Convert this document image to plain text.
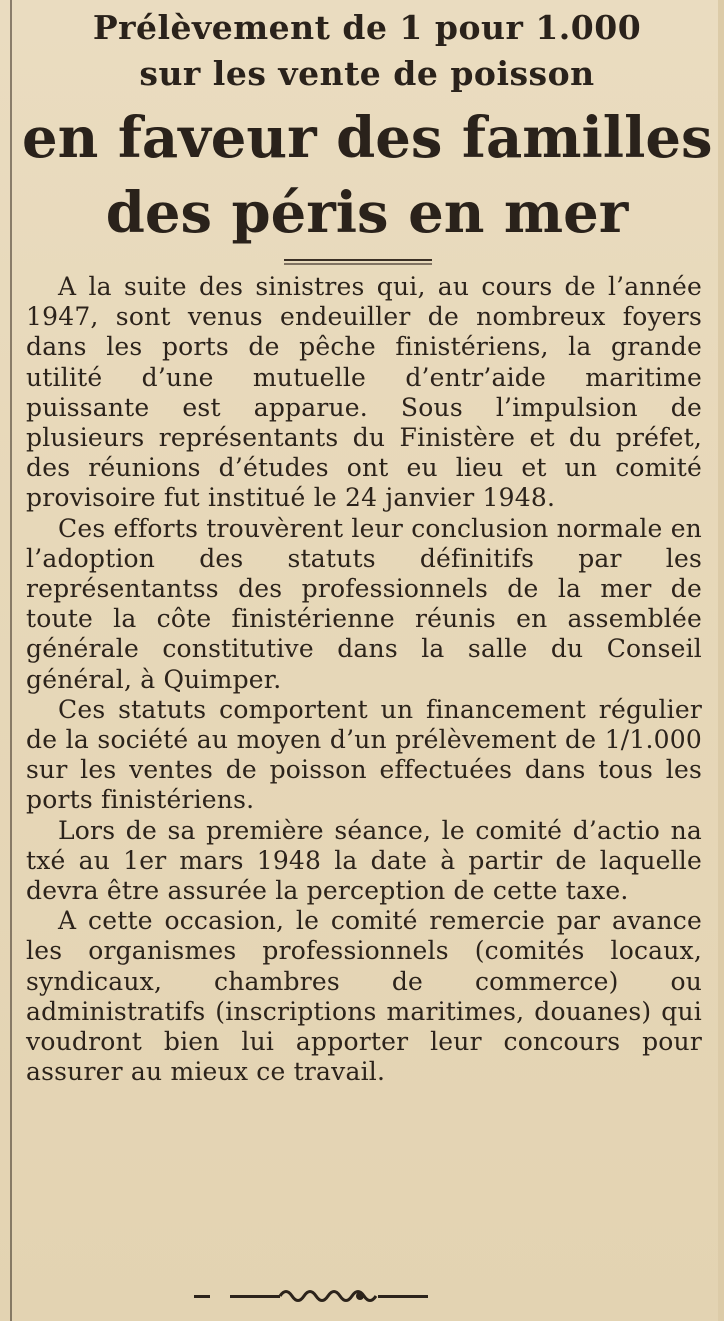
Prélèvement de 1 pour 1.000
sur les vente de poisson
en faveur des familles
des péris en mer

A la suite des sinistres qui, au cours de l’année 1947, sont venus endeuiller de nombreux foyers dans les ports de pêche finistériens, la grande utilité d’une mutuelle d’entr’aide maritime puissante est apparue. Sous l’impulsion de plusieurs représentants du Finistère et du préfet, des réunions d’études ont eu lieu et un comité provisoire fut institué le 24 janvier 1948.

Ces efforts trouvèrent leur conclusion normale en l’adoption des statuts définitifs par les représentantss des professionnels de la mer de toute la côte finistérienne réunis en assemblée générale constitutive dans la salle du Conseil général, à Quimper.

Ces statuts comportent un financement régulier de la société au moyen d’un prélèvement de 1/1.000 sur les ventes de poisson effectuées dans tous les ports finistériens.

Lors de sa première séance, le comité d’actio na txé au 1er mars 1948 la date à partir de laquelle devra être assurée la perception de cette taxe.

A cette occasion, le comité remercie par avance les organismes professionnels (comités locaux, syndicaux, chambres de commerce) ou administratifs (inscriptions maritimes, douanes) qui voudront bien lui apporter leur concours pour assurer au mieux ce travail.
